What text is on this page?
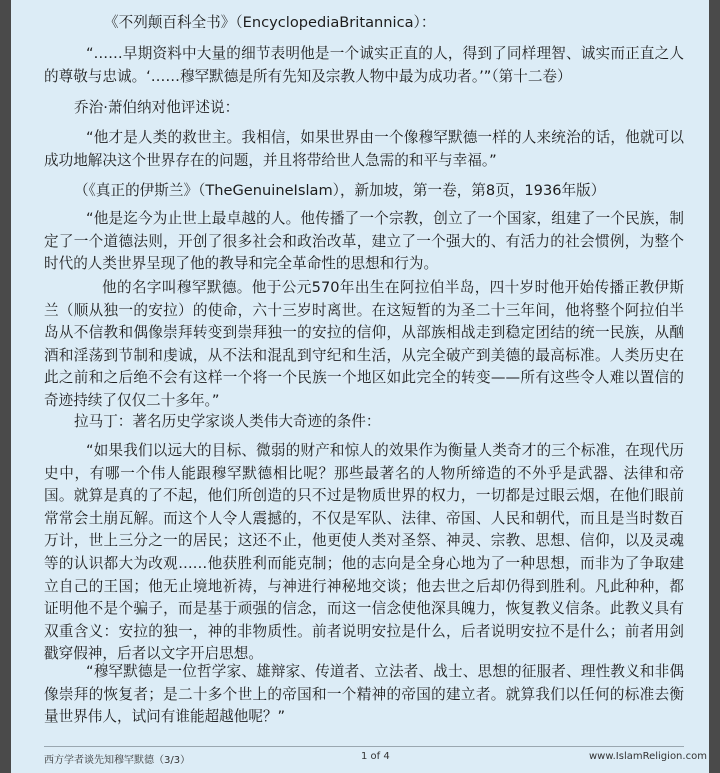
《不列颠百科全书》（EncyclopediaBritannica）：

“……早期资料中大量的细节表明他是一个诚实正直的人，得到了同样理智、诚实而正直之人的尊敬与忠诚。‘……穆罕默德是所有先知及宗教人物中最为成功者。’”（第十二卷）

乔治·萧伯纳对他评述说：

“他才是人类的救世主。我相信，如果世界由一个像穆罕默德一样的人来统治的话，他就可以成功地解决这个世界存在的问题，并且将带给世人急需的和平与幸福。”

（《真正的伊斯兰》（TheGenuineIslam），新加坡，第一卷，第8页，1936年版）

“他是迄今为止世上最卓越的人。他传播了一个宗教，创立了一个国家，组建了一个民族，制定了一个道德法则，开创了很多社会和政治改革，建立了一个强大的、有活力的社会惯例，为整个时代的人类世界呈现了他的教导和完全革命性的思想和行为。

他的名字叫穆罕默德。他于公元570年出生在阿拉伯半岛，四十岁时他开始传播正教伊斯兰（顺从独一的安拉）的使命，六十三岁时离世。在这短暂的为圣二十三年间，他将整个阿拉伯半岛从不信教和偶像崇拜转变到崇拜独一的安拉的信仰，从部族相战走到稳定团结的统一民族，从酗酒和淫荡到节制和虔诚，从不法和混乱到守纪和生活，从完全破产到美德的最高标准。人类历史在此之前和之后绝不会有这样一个将一个民族一个地区如此完全的转变——所有这些令人难以置信的奇迹持续了仅仅二十多年。”

拉马丁：著名历史学家谈人类伟大奇迹的条件：

“如果我们以远大的目标、微弱的财产和惊人的效果作为衡量人类奇才的三个标准，在现代历史中，有哪一个伟人能跟穆罕默德相比呢？那些最著名的人物所缔造的不外乎是武器、法律和帝国。就算是真的了不起，他们所创造的只不过是物质世界的权力，一切都是过眼云烟，在他们眼前常常会土崩瓦解。而这个人令人震撼的，不仅是军队、法律、帝国、人民和朝代，而且是当时数百万计，世上三分之一的居民；这还不止，他更使人类对圣祭、神灵、宗教、思想、信仰，以及灵魂等的认识都大为改观……他获胜利而能克制；他的志向是全身心地为了一种思想，而非为了争取建立自己的王国；他无止境地祈祷，与神进行神秘地交谈；他去世之后却仍得到胜利。凡此种种，都证明他不是个骗子，而是基于顽强的信念，而这一信念使他深具魄力，恢复教义信条。此教义具有双重含义：安拉的独一，神的非物质性。前者说明安拉是什么，后者说明安拉不是什么；前者用剑戳穿假神，后者以文字开启思想。

“穆罕默德是一位哲学家、雄辩家、传道者、立法者、战士、思想的征服者、理性教义和非偶像崇拜的恢复者；是二十多个世上的帝国和一个精神的帝国的建立者。就算我们以任何的标准去衡量世界伟人，试问有谁能超越他呢？”

西方学者谈先知穆罕默德（3/3）	1 of 4	www.IslamReligion.com
